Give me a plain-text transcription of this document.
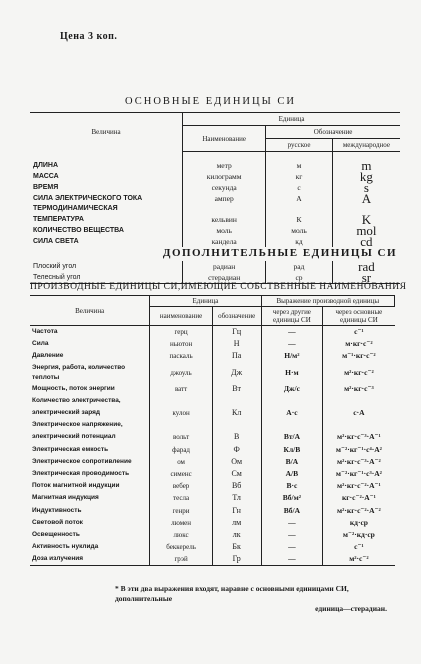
Цена 3 коп.
ОСНОВНЫЕ ЕДИНИЦЫ СИ
Величина	Единица		
	Наименование	Обозначение	
		русское	международное
ДЛИНА	метр	м	m
МАССА	килограмм	кг	kg
ВРЕМЯ	секунда	с	s
СИЛА ЭЛЕКТРИЧЕСКОГО ТОКА	ампер	А	A
ТЕРМОДИНАМИЧЕСКАЯ			
ТЕМПЕРАТУРА	кельвин	К	K
КОЛИЧЕСТВО ВЕЩЕСТВА	моль	моль	mol
СИЛА СВЕТА	кандела	кд	cd
ДОПОЛНИТЕЛЬНЫЕ ЕДИНИЦЫ СИ			
Плоский угол	радиан	рад	rad
Телесный угол	стерадиан	ср	sr
ПРОИЗВОДНЫЕ ЕДИНИЦЫ СИ,ИМЕЮЩИЕ СОБСТВЕННЫЕ НАИМЕНОВАНИЯ
Величина	Единица		Выражение производной единицы	
	наименование	обозначение	через другие единицы СИ	через основные единицы СИ
Частота	герц	Гц	—	с⁻¹
Сила	ньютон	Н	—	м·кг·с⁻²
Давление	паскаль	Па	Н/м²	м⁻¹·кг·с⁻²
Энергия, работа, количество теплоты	джоуль	Дж	Н·м	м²·кг·с⁻²
Мощность, поток энергии	ватт	Вт	Дж/с	м²·кг·с⁻³
Количество электричества,				
электрический заряд	кулон	Кл	А·с	с·А
Электрическое напряжение,				
электрический потенциал	вольт	В	Вт/А	м²·кг·с⁻³·А⁻¹
Электрическая емкость	фарад	Ф	Кл/В	м⁻²·кг⁻¹·с⁴·А²
Электрическое сопротивление	ом	Ом	В/А	м²·кг·с⁻³·А⁻²
Электрическая проводимость	сименс	См	А/В	м⁻²·кг⁻¹·с³·А²
Поток магнитной индукции	вебер	Вб	В·с	м²·кг·с⁻²·А⁻¹
Магнитная индукция	тесла	Тл	Вб/м²	кг·с⁻²·А⁻¹
Индуктивность	генри	Гн	Вб/А	м²·кг·с⁻²·А⁻²
Световой поток	люмен	лм	—	кд·ср
Освещенность	люкс	лк	—	м⁻²·кд·ср
Активность нуклида	беккерель	Бк	—	с⁻¹
Доза излучения	грэй	Гр	—	м²·с⁻²
* В эти два выражения входят, наравне с основными единицами СИ, дополнительные
единица—стерадиан.
